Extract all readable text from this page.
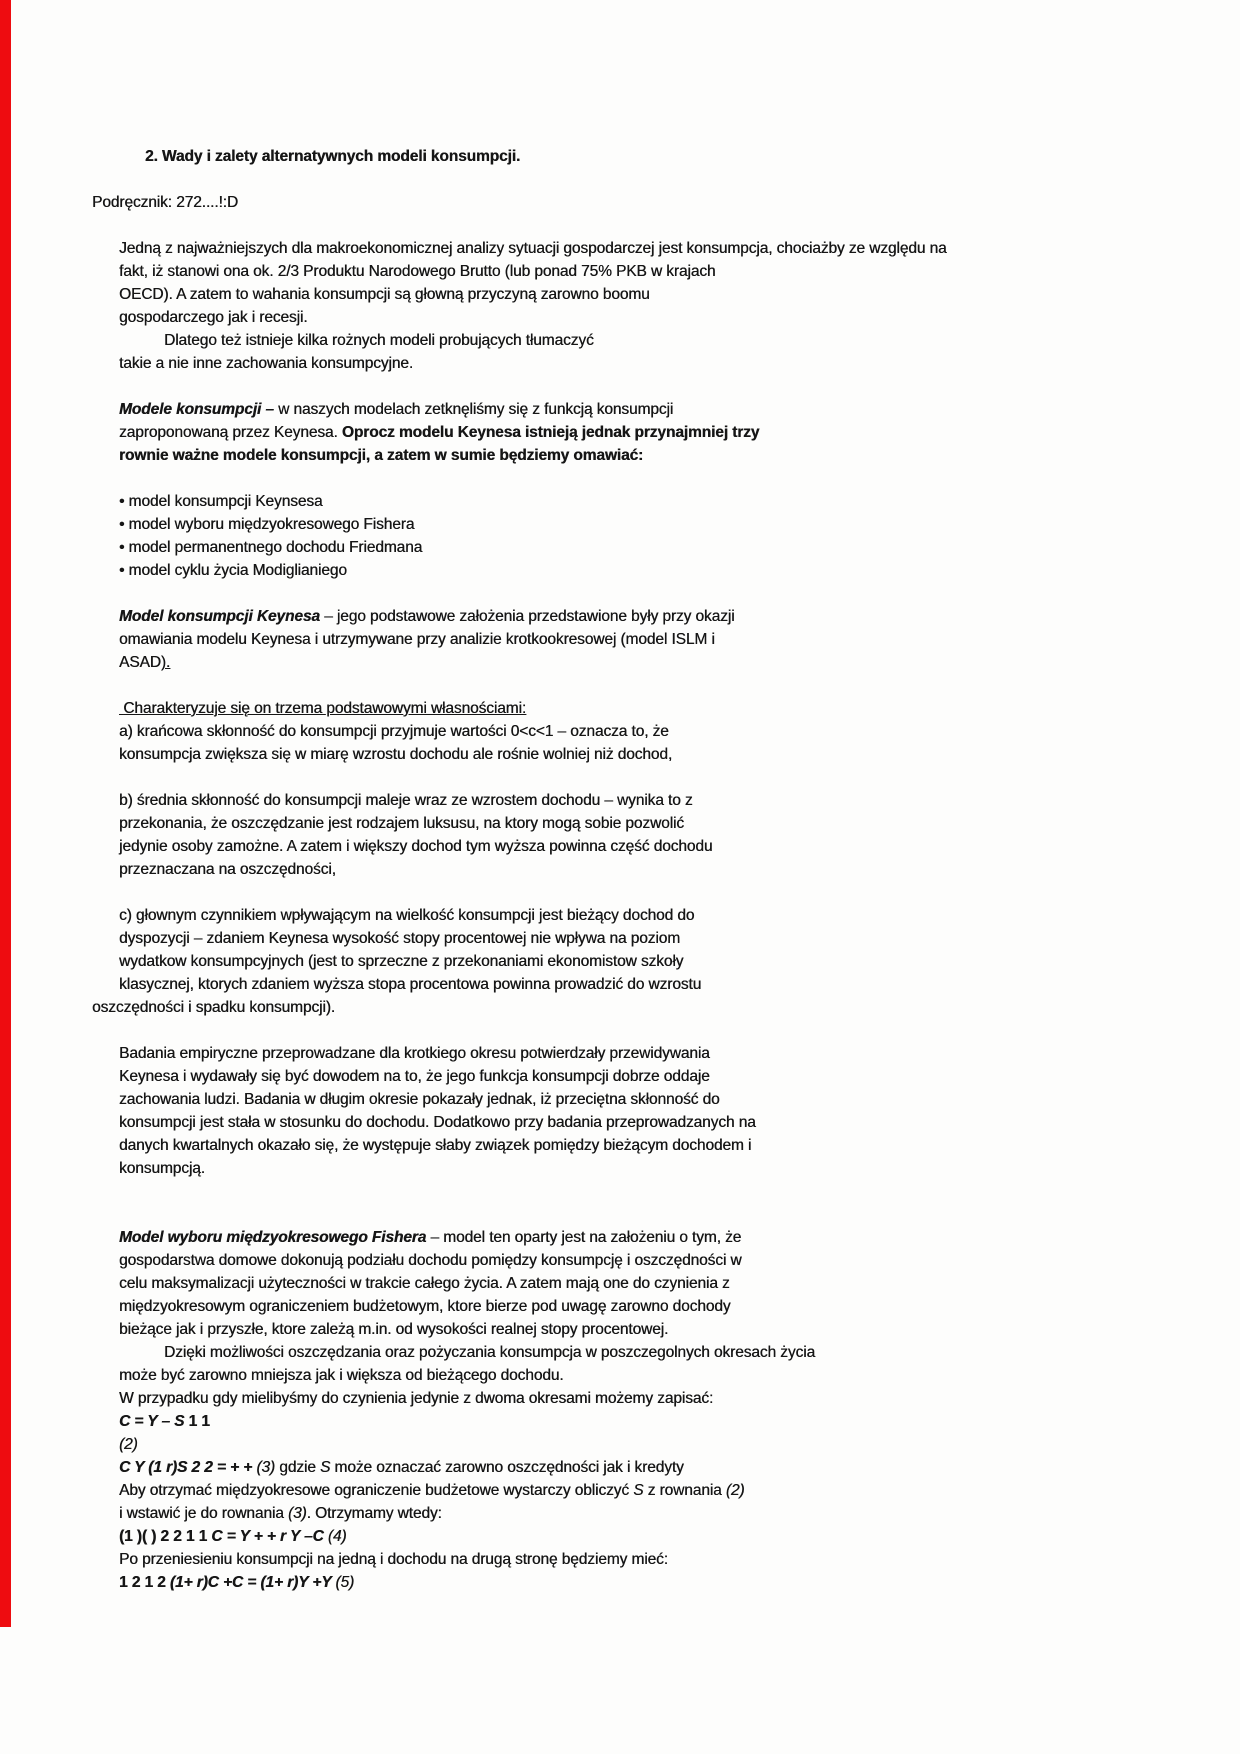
2. Wady i zalety alternatywnych modeli konsumpcji.
Podręcznik: 272....!:D
Jedną z najważniejszych dla makroekonomicznej analizy sytuacji gospodarczej jest konsumpcja, chociażby ze względu na
fakt, iż stanowi ona ok. 2/3 Produktu Narodowego Brutto (lub ponad 75% PKB w krajach
OECD). A zatem to wahania konsumpcji są głowną przyczyną zarowno boomu
gospodarczego jak i recesji.
Dlatego też istnieje kilka rożnych modeli probujących tłumaczyć
takie a nie inne zachowania konsumpcyjne.
Modele konsumpcji – w naszych modelach zetknęliśmy się z funkcją konsumpcji
zaproponowaną przez Keynesa. Oprocz modelu Keynesa istnieją jednak przynajmniej trzy
rownie ważne modele konsumpcji, a zatem w sumie będziemy omawiać:
• model konsumpcji Keynsesa
• model wyboru międzyokresowego Fishera
• model permanentnego dochodu Friedmana
• model cyklu życia Modiglianiego
Model konsumpcji Keynesa – jego podstawowe założenia przedstawione były przy okazji
omawiania modelu Keynesa i utrzymywane przy analizie krotkookresowej (model ISLM i
ASAD).
Charakteryzuje się on trzema podstawowymi własnościami:
a) krańcowa skłonność do konsumpcji przyjmuje wartości 0<c<1 – oznacza to, że
konsumpcja zwiększa się w miarę wzrostu dochodu ale rośnie wolniej niż dochod,
b) średnia skłonność do konsumpcji maleje wraz ze wzrostem dochodu – wynika to z
przekonania, że oszczędzanie jest rodzajem luksusu, na ktory mogą sobie pozwolić
jedynie osoby zamożne. A zatem i większy dochod tym wyższa powinna część dochodu
przeznaczana na oszczędności,
c) głownym czynnikiem wpływającym na wielkość konsumpcji jest bieżący dochod do
dyspozycji – zdaniem Keynesa wysokość stopy procentowej nie wpływa na poziom
wydatkow konsumpcyjnych (jest to sprzeczne z przekonaniami ekonomistow szkoły
klasycznej, ktorych zdaniem wyższa stopa procentowa powinna prowadzić do wzrostu
oszczędności i spadku konsumpcji).
Badania empiryczne przeprowadzane dla krotkiego okresu potwierdzały przewidywania
Keynesa i wydawały się być dowodem na to, że jego funkcja konsumpcji dobrze oddaje
zachowania ludzi. Badania w długim okresie pokazały jednak, iż przeciętna skłonność do
konsumpcji jest stała w stosunku do dochodu. Dodatkowo przy badania przeprowadzanych na
danych kwartalnych okazało się, że występuje słaby związek pomiędzy bieżącym dochodem i
konsumpcją.
Model wyboru międzyokresowego Fishera – model ten oparty jest na założeniu o tym, że
gospodarstwa domowe dokonują podziału dochodu pomiędzy konsumpcję i oszczędności w
celu maksymalizacji użyteczności w trakcie całego życia. A zatem mają one do czynienia z
międzyokresowym ograniczeniem budżetowym, ktore bierze pod uwagę zarowno dochody
bieżące jak i przyszłe, ktore zależą m.in. od wysokości realnej stopy procentowej.
Dzięki możliwości oszczędzania oraz pożyczania konsumpcja w poszczegolnych okresach życia
może być zarowno mniejsza jak i większa od bieżącego dochodu.
W przypadku gdy mielibyśmy do czynienia jedynie z dwoma okresami możemy zapisać:
C = Y – S 1 1
(2)
C Y (1 r)S 2 2 = + + (3) gdzie S może oznaczać zarowno oszczędności jak i kredyty
Aby otrzymać międzyokresowe ograniczenie budżetowe wystarczy obliczyć S z rownania (2)
i wstawić je do rownania (3). Otrzymamy wtedy:
(1 )( ) 2 2 1 1 C = Y + + r Y –C (4)
Po przeniesieniu konsumpcji na jedną i dochodu na drugą stronę będziemy mieć:
1 2 1 2 (1+ r)C +C = (1+ r)Y +Y (5)
